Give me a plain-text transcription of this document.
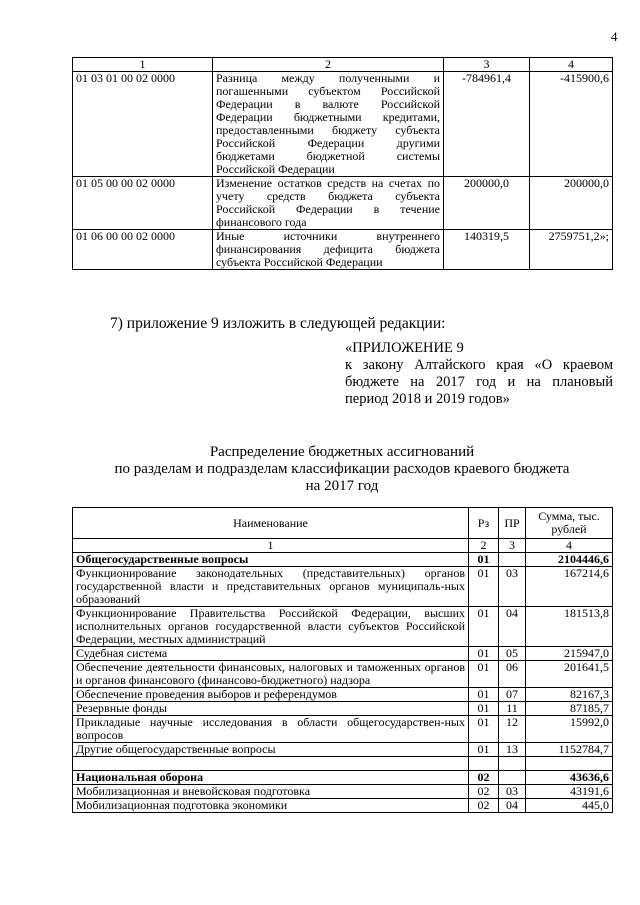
4
1	2	3	4
01 03 01 00 02 0000	Разница между полученными и погашенными субъектом Российской Федерации в валюте Российской Федерации бюджетными кредитами, предоставленными бюджету субъекта Российской Федерации другими бюджетами бюджетной системы Российской Федерации	-784961,4	-415900,6
01 05 00 00 02 0000	Изменение остатков средств на счетах по учету средств бюджета субъекта Российской Федерации в течение финансового года	200000,0	200000,0
01 06 00 00 02 0000	Иные источники внутреннего финансирования дефицита бюджета субъекта Российской Федерации	140319,5	2759751,2»;
7) приложение 9 изложить в следующей редакции:
«ПРИЛОЖЕНИЕ 9
к закону Алтайского края «О краевом бюджете на 2017 год и на плановый период 2018 и 2019 годов»
Распределение бюджетных ассигнований
по разделам и подразделам классификации расходов краевого бюджета
на 2017 год
Наименование	Рз	ПР	Сумма, тыс. рублей
1	2	3	4
Общегосударственные вопросы	01		2104446,6
Функционирование законодательных (представительных) органов государственной власти и представительных органов муниципаль-ных образований	01	03	167214,6
Функционирование Правительства Российской Федерации, высших исполнительных органов государственной власти субъектов Российской Федерации, местных администраций	01	04	181513,8
Судебная система	01	05	215947,0
Обеспечение деятельности финансовых, налоговых и таможенных органов и органов финансового (финансово-бюджетного) надзора	01	06	201641,5
Обеспечение проведения выборов и референдумов	01	07	82167,3
Резервные фонды	01	11	87185,7
Прикладные научные исследования в области общегосударствен-ных вопросов	01	12	15992,0
Другие общегосударственные вопросы	01	13	1152784,7

Национальная оборона	02		43636,6
Мобилизационная и вневойсковая подготовка	02	03	43191,6
Мобилизационная подготовка экономики	02	04	445,0
